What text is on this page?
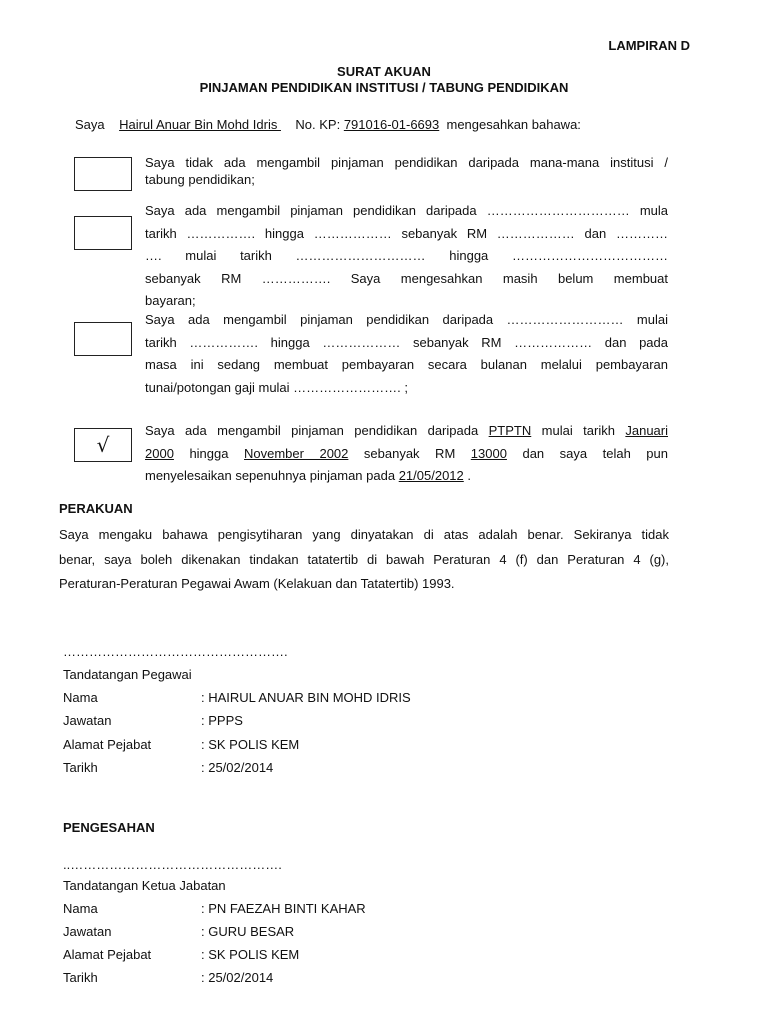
LAMPIRAN D
SURAT AKUAN
PINJAMAN PENDIDIKAN INSTITUSI / TABUNG PENDIDIKAN
Saya Hairul Anuar Bin Mohd Idris     No. KP: 791016-01-6693 mengesahkan bahawa:
Saya tidak ada mengambil pinjaman pendidikan daripada mana-mana institusi /
tabung pendidikan;
Saya ada mengambil pinjaman pendidikan daripada …………………………… mula
tarikh ……………. hingga ……………… sebanyak RM ……………… dan …………
…. mulai tarikh ………………………… hingga ………………………………
sebanyak RM ……………. Saya mengesahkan masih belum membuat
bayaran;
Saya ada mengambil pinjaman pendidikan daripada ……………………… mulai
tarikh ……………. hingga ……………… sebanyak RM ……………… dan pada
masa ini sedang membuat pembayaran secara bulanan melalui pembayaran
tunai/potongan gaji mulai ……………………. ;
√
Saya ada mengambil pinjaman pendidikan daripada PTPTN mulai tarikh Januari
2000 hingga November 2002 sebanyak RM 13000 dan saya telah pun
menyelesaikan sepenuhnya pinjaman pada 21/05/2012 .
PERAKUAN
Saya mengaku bahawa pengisytiharan yang dinyatakan di atas adalah benar. Sekiranya tidak
benar, saya boleh dikenakan tindakan tatatertib di bawah Peraturan 4 (f) dan Peraturan 4 (g),
Peraturan-Peraturan Pegawai Awam (Kelakuan dan Tatatertib) 1993.
…………………………………………….
Tandatangan Pegawai
Nama	: HAIRUL ANUAR BIN MOHD IDRIS
Jawatan	: PPPS
Alamat Pejabat	: SK POLIS KEM
Tarikh	: 25/02/2014
PENGESAHAN
..………………………………………….
Tandatangan Ketua Jabatan
Nama	: PN FAEZAH BINTI KAHAR
Jawatan	: GURU BESAR
Alamat Pejabat	: SK POLIS KEM
Tarikh	: 25/02/2014
